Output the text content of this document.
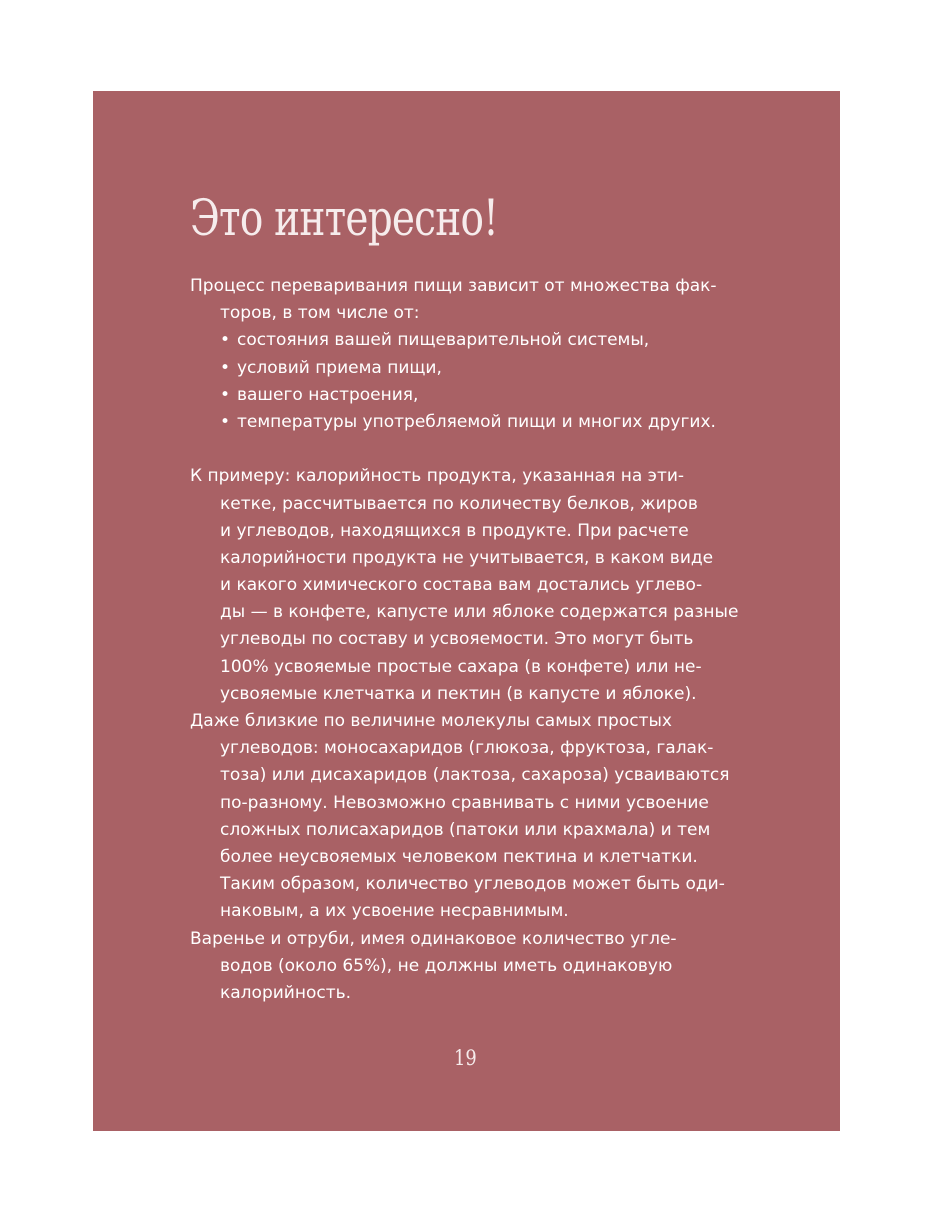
Это интересно!
Процесс переваривания пищи зависит от множества фак-
торов, в том числе от:
• состояния вашей пищеварительной системы,
• условий приема пищи,
• вашего настроения,
• температуры употребляемой пищи и многих других.
К примеру: калорийность продукта, указанная на эти-
кетке, рассчитывается по количеству белков, жиров
и углеводов, находящихся в продукте. При расчете
калорийности продукта не учитывается, в каком виде
и какого химического состава вам достались углево-
ды — в конфете, капусте или яблоке содержатся разные
углеводы по составу и усвояемости. Это могут быть
100% усвояемые простые сахара (в конфете) или не-
усвояемые клетчатка и пектин (в капусте и яблоке).
Даже близкие по величине молекулы самых простых
углеводов: моносахаридов (глюкоза, фруктоза, галак-
тоза) или дисахаридов (лактоза, сахароза) усваиваются
по-разному. Невозможно сравнивать с ними усвоение
сложных полисахаридов (патоки или крахмала) и тем
более неусвояемых человеком пектина и клетчатки.
Таким образом, количество углеводов может быть оди-
наковым, а их усвоение несравнимым.
Варенье и отруби, имея одинаковое количество угле-
водов (около 65%), не должны иметь одинаковую
калорийность.
19
